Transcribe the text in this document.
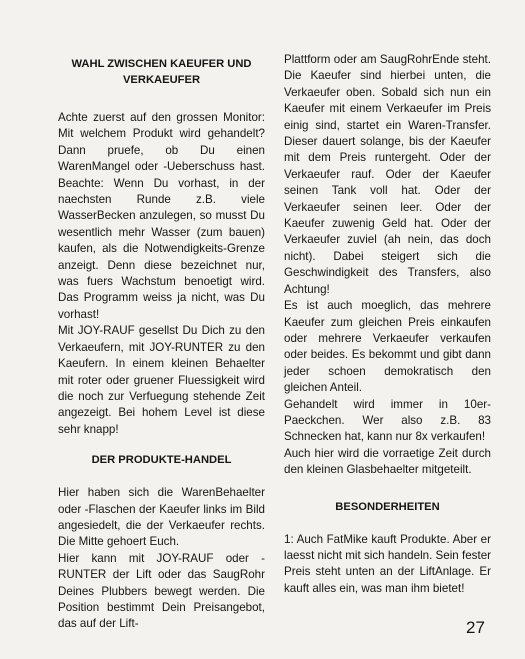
WAHL ZWISCHEN KAEUFER UND VERKAEUFER

Achte zuerst auf den grossen Monitor: Mit welchem Produkt wird gehandelt? Dann pruefe, ob Du einen WarenMangel oder -Ueberschuss hast. Beachte: Wenn Du vorhast, in der naechsten Runde z.B. viele WasserBecken anzulegen, so musst Du wesentlich mehr Wasser (zum bauen) kaufen, als die Notwendigkeits-Grenze anzeigt. Denn diese bezeichnet nur, was fuers Wachstum benoetigt wird. Das Programm weiss ja nicht, was Du vorhast!

Mit JOY-RAUF gesellst Du Dich zu den Verkaeufern, mit JOY-RUNTER zu den Kaeufern. In einem kleinen Behaelter mit roter oder gruener Fluessigkeit wird die noch zur Verfuegung stehende Zeit angezeigt. Bei hohem Level ist diese sehr knapp!

DER PRODUKTE-HANDEL

Hier haben sich die WarenBehaelter oder -Flaschen der Kaeufer links im Bild angesiedelt, die der Verkaeufer rechts. Die Mitte gehoert Euch.

Hier kann mit JOY-RAUF oder -RUNTER der Lift oder das SaugRohr Deines Plubbers bewegt werden. Die Position bestimmt Dein Preisangebot, das auf der Lift-

Plattform oder am SaugRohrEnde steht. Die Kaeufer sind hierbei unten, die Verkaeufer oben. Sobald sich nun ein Kaeufer mit einem Verkaeufer im Preis einig sind, startet ein Waren-Transfer. Dieser dauert solange, bis der Kaeufer mit dem Preis runtergeht. Oder der Verkaeufer rauf. Oder der Kaeufer seinen Tank voll hat. Oder der Verkaeufer seinen leer. Oder der Kaeufer zuwenig Geld hat. Oder der Verkaeufer zuviel (ah nein, das doch nicht). Dabei steigert sich die Geschwindigkeit des Transfers, also Achtung!

Es ist auch moeglich, das mehrere Kaeufer zum gleichen Preis einkaufen oder mehrere Verkaeufer verkaufen oder beides. Es bekommt und gibt dann jeder schoen demokratisch den gleichen Anteil.

Gehandelt wird immer in 10er-Paeckchen. Wer also z.B. 83 Schnecken hat, kann nur 8x verkaufen!

Auch hier wird die vorraetige Zeit durch den kleinen Glasbehaelter mitgeteilt.

BESONDERHEITEN

1: Auch FatMike kauft Produkte. Aber er laesst nicht mit sich handeln. Sein fester Preis steht unten an der LiftAnlage. Er kauft alles ein, was man ihm bietet!

27
